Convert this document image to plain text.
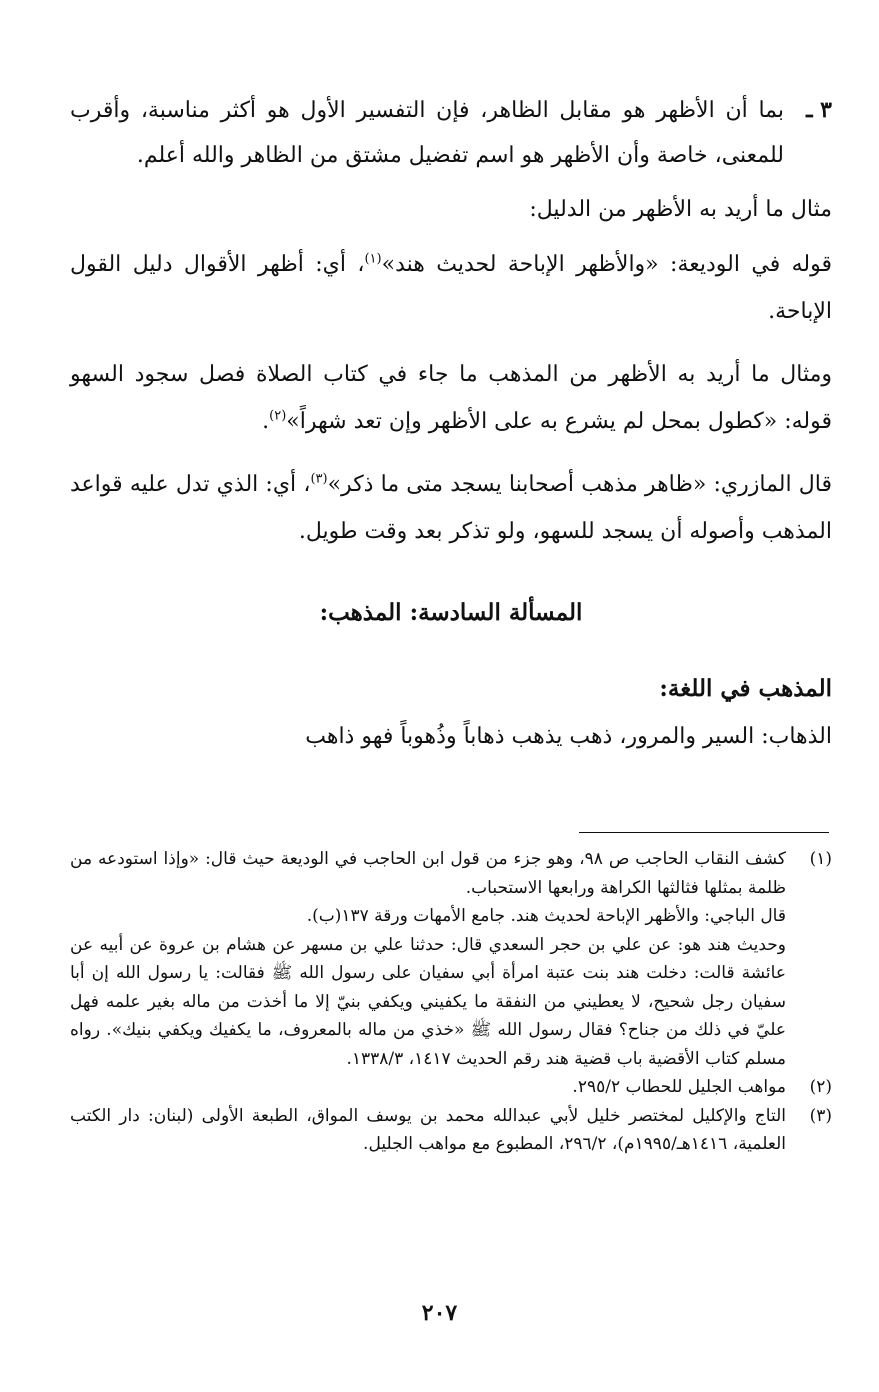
٣ ـ
بما أن الأظهر هو مقابل الظاهر، فإن التفسير الأول هو أكثر مناسبة، وأقرب للمعنى، خاصة وأن الأظهر هو اسم تفضيل مشتق من الظاهر والله أعلم.

مثال ما أريد به الأظهر من الدليل:

قوله في الوديعة: «والأظهر الإباحة لحديث هند»$^{(١)}$، أي: أظهر الأقوال دليل القول الإباحة.

ومثال ما أريد به الأظهر من المذهب ما جاء في كتاب الصلاة فصل سجود السهو قوله: «كطول بمحل لم يشرع به على الأظهر وإن تعد شهراً»$^{(٢)}$.

قال المازري: «ظاهر مذهب أصحابنا يسجد متى ما ذكر»$^{(٣)}$، أي: الذي تدل عليه قواعد المذهب وأصوله أن يسجد للسهو، ولو تذكر بعد وقت طويل.

المسألة السادسة: المذهب:
المذهب في اللغة:

الذهاب: السير والمرور، ذهب يذهب ذهاباً وذُهوباً فهو ذاهب

(١)
كشف النقاب الحاجب ص ٩٨، وهو جزء من قول ابن الحاجب في الوديعة حيث قال: «وإذا استودعه من ظلمة بمثلها فثالثها الكراهة ورابعها الاستحباب.
قال الباجي: والأظهر الإباحة لحديث هند. جامع الأمهات ورقة ١٣٧(ب).
وحديث هند هو: عن علي بن حجر السعدي قال: حدثنا علي بن مسهر عن هشام بن عروة عن أبيه عن عائشة قالت: دخلت هند بنت عتبة امرأة أبي سفيان على رسول الله ﷺ فقالت: يا رسول الله إن أبا سفيان رجل شحيح، لا يعطيني من النفقة ما يكفيني ويكفي بنيّ إلا ما أخذت من ماله بغير علمه فهل عليّ في ذلك من جناح؟ فقال رسول الله ﷺ «خذي من ماله بالمعروف، ما يكفيك ويكفي بنيك». رواه مسلم كتاب الأقضية باب قضية هند رقم الحديث ١٤١٧، ١٣٣٨/٣.
(٢)
مواهب الجليل للحطاب ٢٩٥/٢.
(٣)
التاج والإكليل لمختصر خليل لأبي عبدالله محمد بن يوسف المواق، الطبعة الأولى (لبنان: دار الكتب العلمية، ١٤١٦هـ/١٩٩٥م)، ٢٩٦/٢، المطبوع مع مواهب الجليل.
٢٠٧
